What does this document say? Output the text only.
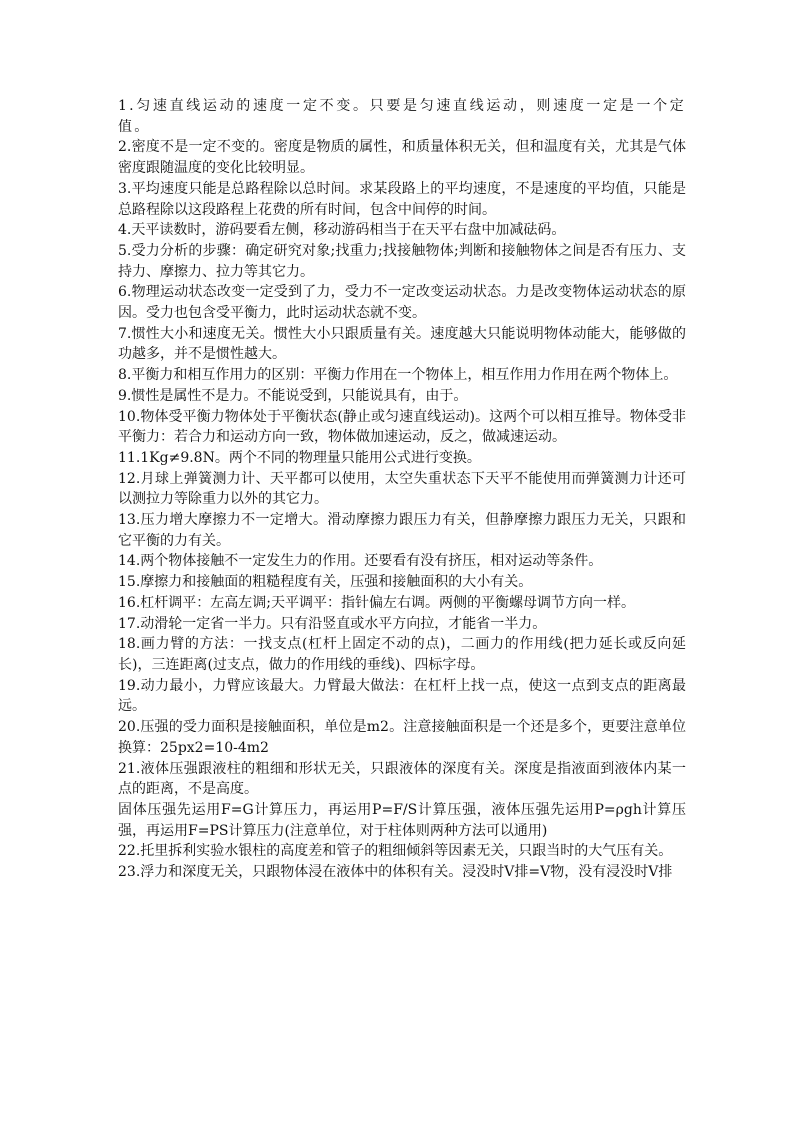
1.匀速直线运动的速度一定不变。只要是匀速直线运动，则速度一定是一个定值。

2.密度不是一定不变的。密度是物质的属性，和质量体积无关，但和温度有关，尤其是气体密度跟随温度的变化比较明显。

3.平均速度只能是总路程除以总时间。求某段路上的平均速度，不是速度的平均值，只能是总路程除以这段路程上花费的所有时间，包含中间停的时间。

4.天平读数时，游码要看左侧，移动游码相当于在天平右盘中加减砝码。

5.受力分析的步骤：确定研究对象;找重力;找接触物体;判断和接触物体之间是否有压力、支持力、摩擦力、拉力等其它力。

6.物理运动状态改变一定受到了力，受力不一定改变运动状态。力是改变物体运动状态的原因。受力也包含受平衡力，此时运动状态就不变。

7.惯性大小和速度无关。惯性大小只跟质量有关。速度越大只能说明物体动能大，能够做的功越多，并不是惯性越大。

8.平衡力和相互作用力的区别：平衡力作用在一个物体上，相互作用力作用在两个物体上。

9.惯性是属性不是力。不能说受到，只能说具有，由于。

10.物体受平衡力物体处于平衡状态(静止或匀速直线运动)。这两个可以相互推导。物体受非平衡力：若合力和运动方向一致，物体做加速运动，反之，做减速运动。

11.1Kg≠9.8N。两个不同的物理量只能用公式进行变换。

12.月球上弹簧测力计、天平都可以使用，太空失重状态下天平不能使用而弹簧测力计还可以测拉力等除重力以外的其它力。

13.压力增大摩擦力不一定增大。滑动摩擦力跟压力有关，但静摩擦力跟压力无关，只跟和它平衡的力有关。

14.两个物体接触不一定发生力的作用。还要看有没有挤压，相对运动等条件。

15.摩擦力和接触面的粗糙程度有关，压强和接触面积的大小有关。

16.杠杆调平：左高左调;天平调平：指针偏左右调。两侧的平衡螺母调节方向一样。

17.动滑轮一定省一半力。只有沿竖直或水平方向拉，才能省一半力。

18.画力臂的方法：一找支点(杠杆上固定不动的点)，二画力的作用线(把力延长或反向延长)，三连距离(过支点，做力的作用线的垂线)、四标字母。

19.动力最小，力臂应该最大。力臂最大做法：在杠杆上找一点，使这一点到支点的距离最远。

20.压强的受力面积是接触面积，单位是m2。注意接触面积是一个还是多个，更要注意单位换算：25px2=10-4m2

21.液体压强跟液柱的粗细和形状无关，只跟液体的深度有关。深度是指液面到液体内某一点的距离，不是高度。

固体压强先运用F=G计算压力，再运用P=F/S计算压强，液体压强先运用P=ρgh计算压强，再运用F=PS计算压力(注意单位，对于柱体则两种方法可以通用)

22.托里拆利实验水银柱的高度差和管子的粗细倾斜等因素无关，只跟当时的大气压有关。

23.浮力和深度无关，只跟物体浸在液体中的体积有关。浸没时V排=V物，没有浸没时V排
